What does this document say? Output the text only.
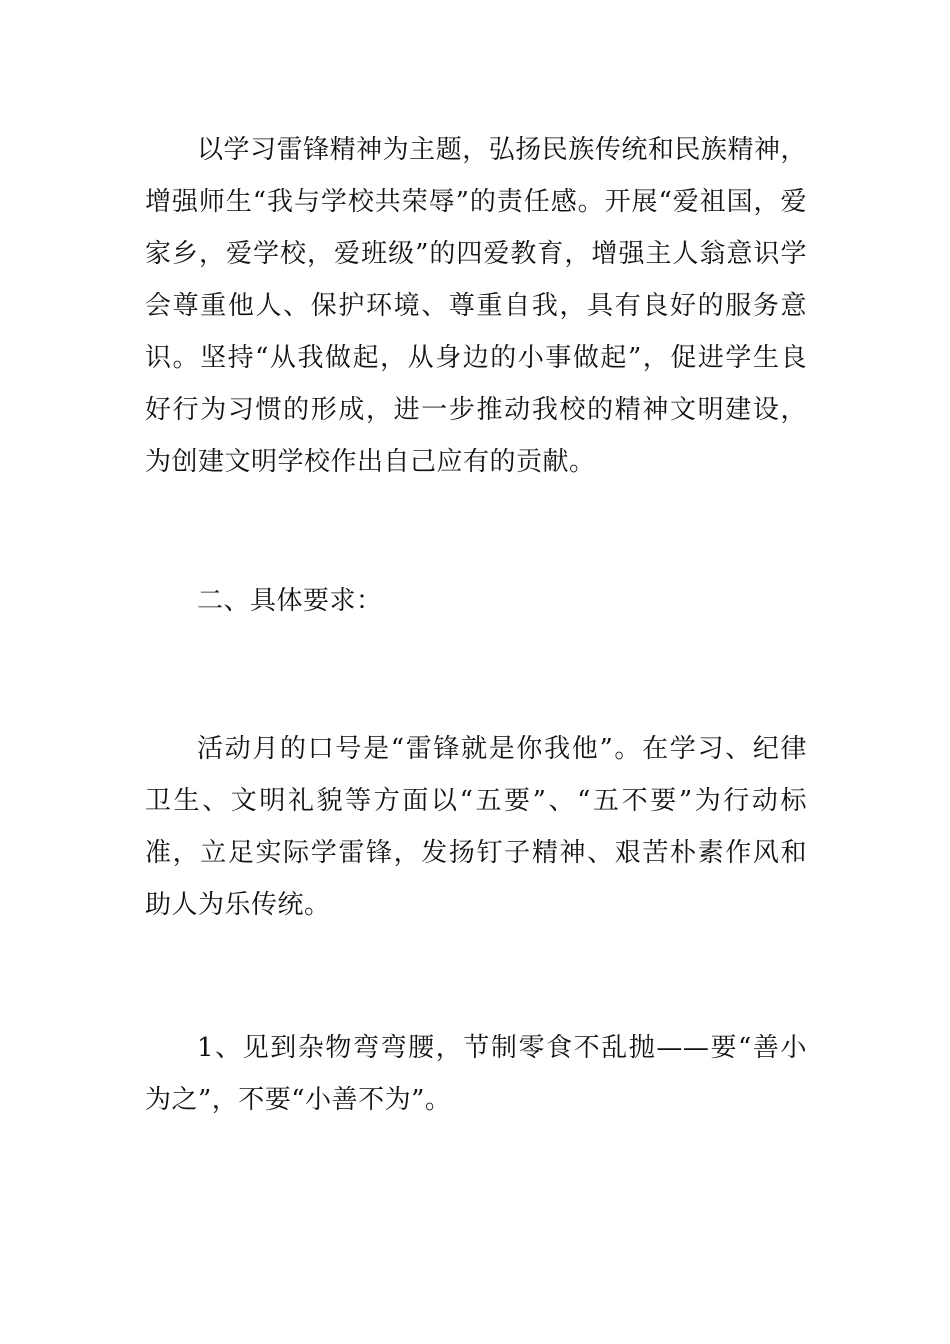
以学习雷锋精神为主题，弘扬民族传统和民族精神，增强师生“我与学校共荣辱”的责任感。开展“爱祖国，爱家乡，爱学校，爱班级”的四爱教育，增强主人翁意识学会尊重他人、保护环境、尊重自我，具有良好的服务意识。坚持“从我做起，从身边的小事做起”，促进学生良好行为习惯的形成，进一步推动我校的精神文明建设，为创建文明学校作出自己应有的贡献。

二、具体要求：

活动月的口号是“雷锋就是你我他”。在学习、纪律卫生、文明礼貌等方面以“五要”、“五不要”为行动标准，立足实际学雷锋，发扬钉子精神、艰苦朴素作风和助人为乐传统。

1、见到杂物弯弯腰，节制零食不乱抛——要“善小为之”，不要“小善不为”。
